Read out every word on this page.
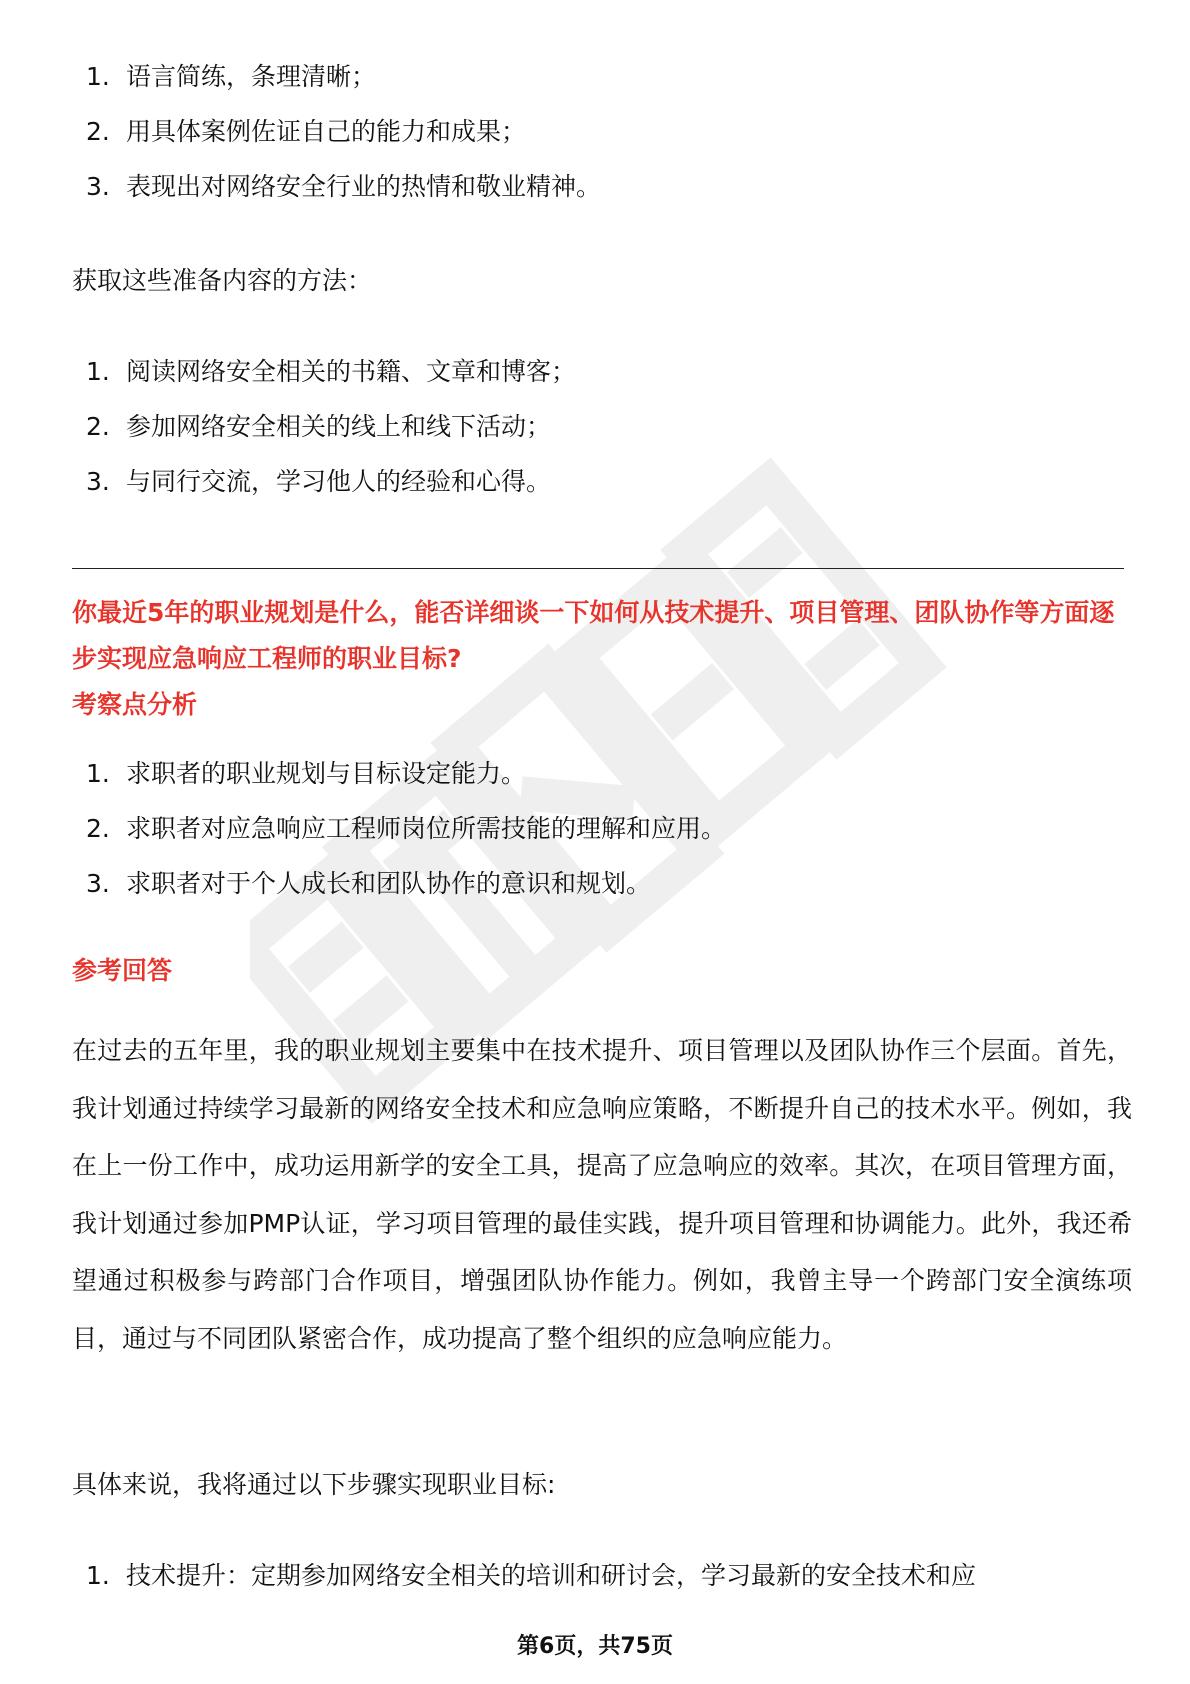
1. 语言简练，条理清晰；
2. 用具体案例佐证自己的能力和成果；
3. 表现出对网络安全行业的热情和敬业精神。
获取这些准备内容的方法：
1. 阅读网络安全相关的书籍、文章和博客；
2. 参加网络安全相关的线上和线下活动；
3. 与同行交流，学习他人的经验和心得。
你最近5年的职业规划是什么，能否详细谈一下如何从技术提升、项目管理、团队协作等方面逐步实现应急响应工程师的职业目标?
考察点分析
1. 求职者的职业规划与目标设定能力。
2. 求职者对应急响应工程师岗位所需技能的理解和应用。
3. 求职者对于个人成长和团队协作的意识和规划。
参考回答
在过去的五年里，我的职业规划主要集中在技术提升、项目管理以及团队协作三个层面。首先，我计划通过持续学习最新的网络安全技术和应急响应策略，不断提升自己的技术水平。例如，我在上一份工作中，成功运用新学的安全工具，提高了应急响应的效率。其次，在项目管理方面，我计划通过参加PMP认证，学习项目管理的最佳实践，提升项目管理和协调能力。此外，我还希望通过积极参与跨部门合作项目，增强团队协作能力。例如，我曾主导一个跨部门安全演练项目，通过与不同团队紧密合作，成功提高了整个组织的应急响应能力。
具体来说，我将通过以下步骤实现职业目标:
1. 技术提升：定期参加网络安全相关的培训和研讨会，学习最新的安全技术和应
第6页，共75页
